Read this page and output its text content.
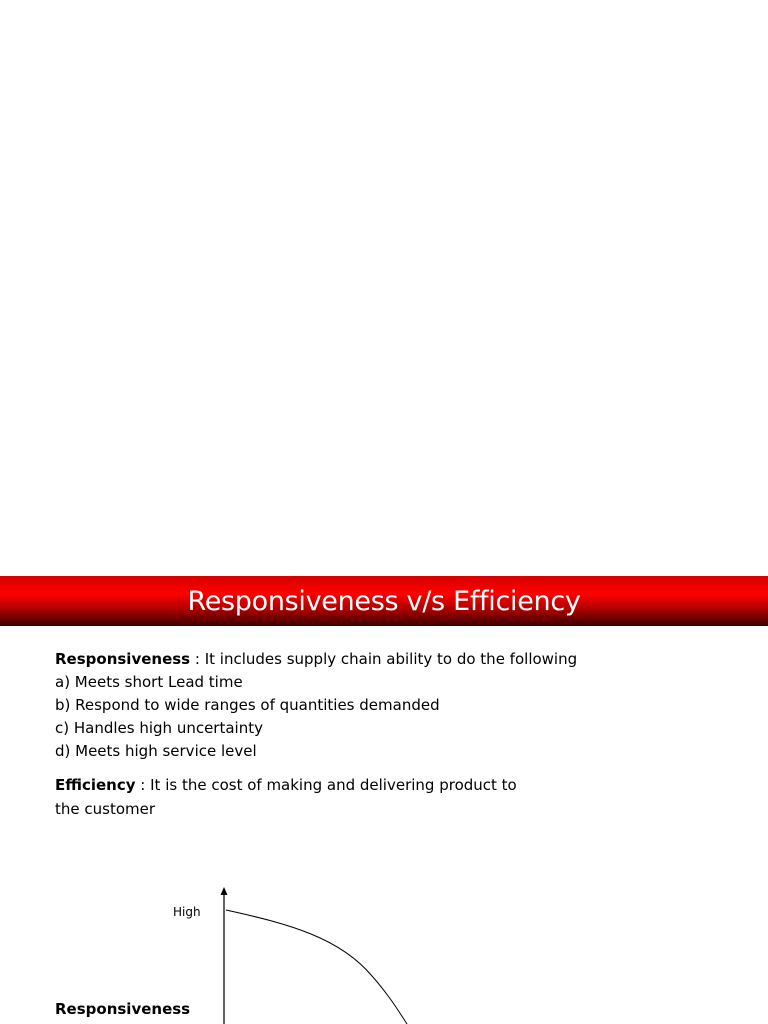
Responsiveness v/s Efficiency
Responsiveness : It includes supply chain ability to do the following
a) Meets short Lead time
b) Respond to wide ranges of quantities demanded
c) Handles high uncertainty
d) Meets high service level
Efficiency : It is the cost of making and delivering product to
the customer
High
Responsiveness
